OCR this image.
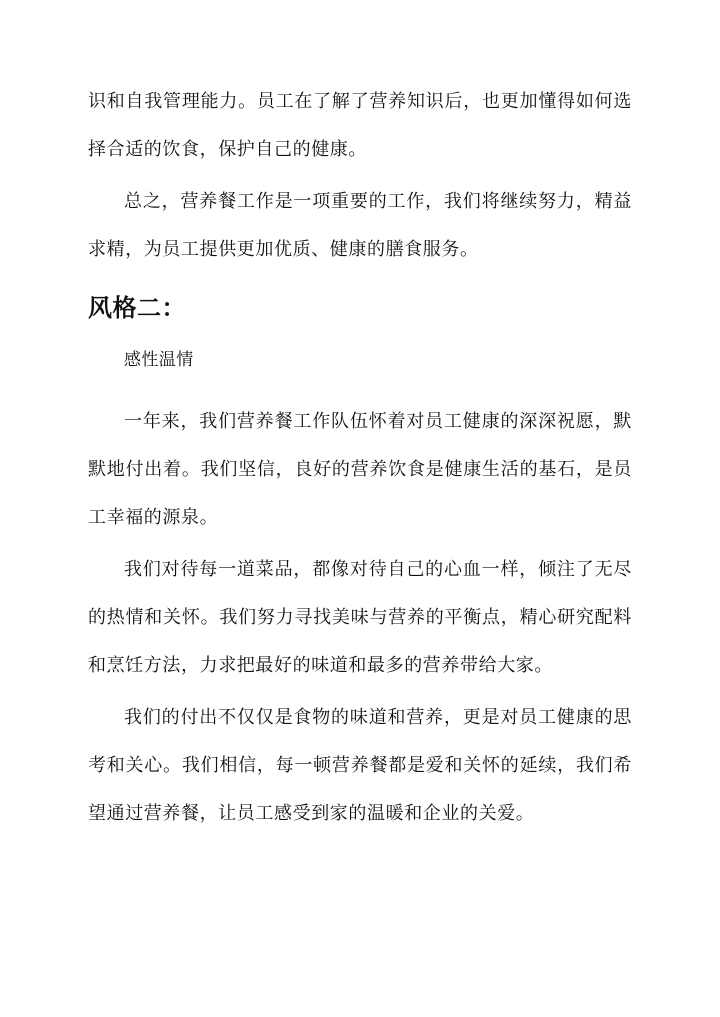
识和自我管理能力。员工在了解了营养知识后，也更加懂得如何选择合适的饮食，保护自己的健康。

总之，营养餐工作是一项重要的工作，我们将继续努力，精益求精，为员工提供更加优质、健康的膳食服务。

风格二：
感性温情

一年来，我们营养餐工作队伍怀着对员工健康的深深祝愿，默默地付出着。我们坚信，良好的营养饮食是健康生活的基石，是员工幸福的源泉。

我们对待每一道菜品，都像对待自己的心血一样，倾注了无尽的热情和关怀。我们努力寻找美味与营养的平衡点，精心研究配料和烹饪方法，力求把最好的味道和最多的营养带给大家。

我们的付出不仅仅是食物的味道和营养，更是对员工健康的思考和关心。我们相信，每一顿营养餐都是爱和关怀的延续，我们希望通过营养餐，让员工感受到家的温暖和企业的关爱。
